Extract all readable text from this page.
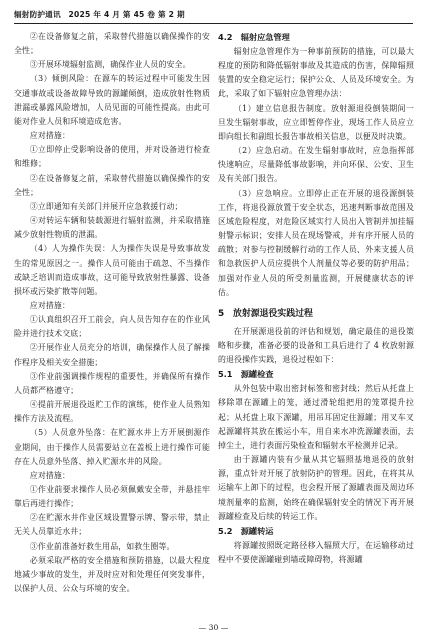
辐射防护通讯　2025 年 4 月 第 45 卷 第 2 期

②在设备修复之前，采取替代措施以确保操作的安全性；

③开展环境辐射监测，确保作业人员的安全。

（3）倾倒风险：在源车的转运过程中可能发生因交通事故或设备故障导致的源罐倾倒，造成放射性物质泄漏或暴露风险增加，人员见面的可能性提高。由此可能对作业人员和环境造成危害。

应对措施：

①立即停止受影响设备的使用，并对设备进行检查和维修；

②在设备修复之前，采取替代措施以确保操作的安全性；

③立即通知有关部门并展开应急救援行动；

④对转运车辆和装载源进行辐射监测，并采取措施减少放射性物质的泄漏。

（4）人为操作失误：人为操作失误是导致事故发生的常见原因之一。操作人员可能由于疏忽、不当操作或缺乏培训而造成事故，这可能导致放射性暴露、设备损坏或污染扩散等问题。

应对措施：

①认真组织召开工前会，向人员告知存在的作业风险并进行技术交底；

②开展作业人员充分的培训，确保操作人员了解操作程序及相关安全措施；

③作业前强调操作规程的重要性，并确保所有操作人员都严格遵守；

④提前开展退役返贮工作的演练，使作业人员熟知操作方法及流程。

（5）人员意外坠落：在贮源水井上方开展倒源作业期间，由于操作人员需要站立在盖板上进行操作可能存在人员意外坠落、掉入贮源水井的风险。

应对措施：

①作业前要求操作人员必须佩戴安全带，并悬挂牢靠后再进行操作；

②在贮源水井作业区域设置警示牌、警示带，禁止无关人员靠近水井；

③作业前准备好救生用品，如救生圈等。

必须采取严格的安全措施和预防措施，以最大程度地减少事故的发生，并及时应对和处理任何突发事件，以保护人员、公众与环境的安全。

4.2　辐射应急管理

辐射应急管理作为一种事前预防的措施，可以最大程度的预防和降低辐射事故及其造成的伤害，保障辐照装置的安全稳定运行；保护公众、人员及环境安全。为此，采取了如下辐射应急管理办法：

（1）建立信息报告制度。放射源退役倒装期间一旦发生辐射事故，应立即暂停作业，现场工作人员应立即向组长和副组长报告事故相关信息，以便及时决策。

（2）应急启动。在发生辐射事故时，应急指挥部快速响应，尽量降低事故影响，并向环保、公安、卫生及有关部门报告。

（3）应急响应。立即停止正在开展的退役源倒装工作，将退役源放置于安全状态，迅速判断事故范围及区域危险程度，对危险区域实行人员出入管制并加挂辐射警示标识；安排人员在现场警戒，并有序开展人员的疏散；对参与控制缓解行动的工作人员、外来支援人员和急救医护人员应提供个人剂量仪等必要的防护用品；加强对作业人员的所受剂量监测，开展健康状态的评估。

5　放射源退役实践过程

在开展源退役前的评估和规划，确定最佳的退役策略和步骤，准备必要的设备和工具后进行了 4 枚放射源的退役操作实践，退役过程如下：

5.1　源罐检查

从外包装中取出密封标签和密封线；然后从托盘上移除罩在源罐上的笼，通过滑轮组把用的笼罩提升拉起；从托盘上取下源罐，用吊耳固定住源罐；用叉车叉起源罐将其放在搬运小车，用自来水冲洗源罐表面，去掉尘土，进行表面污染检查和辐射水平检测并记录。

由于源罐内装有少量从其它辐照基地退役的放射源，重点针对开展了放射防护的管理。因此，在将其从运输车上卸下的过程，也会程开展了源罐表面及周边环境剂量率的监测，始终在确保辐射安全的情况下再开展源罐检查及后续的转运工作。

5.2　源罐转运

将源罐按照既定路径移入辐照大厅，在运输移动过程中不要使源罐碰到墙或障碍物，将源罐

— 30 —
